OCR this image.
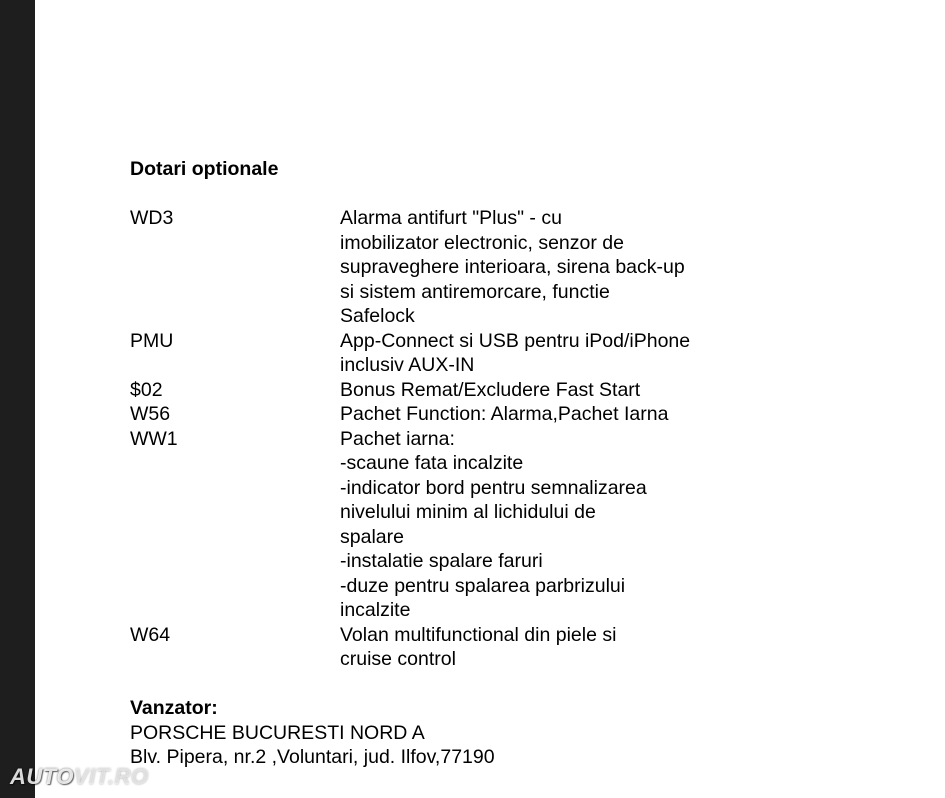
Dotari optionale
WD3	Alarma antifurt "Plus" - cu
imobilizator electronic, senzor de
supraveghere interioara, sirena back-up
si sistem antiremorcare, functie
Safelock
PMU	App-Connect si USB pentru iPod/iPhone
inclusiv AUX-IN
$02	Bonus Remat/Excludere Fast Start
W56	Pachet Function: Alarma,Pachet Iarna
WW1	Pachet iarna:
-scaune fata incalzite
-indicator bord pentru semnalizarea
nivelului minim al lichidului de
spalare
-instalatie spalare faruri
-duze pentru spalarea parbrizului
incalzite
W64	Volan multifunctional din piele si
cruise control
Vanzator:
PORSCHE BUCURESTI NORD A
Blv. Pipera, nr.2 ,Voluntari, jud. Ilfov,77190
AUTOVIT.RO
